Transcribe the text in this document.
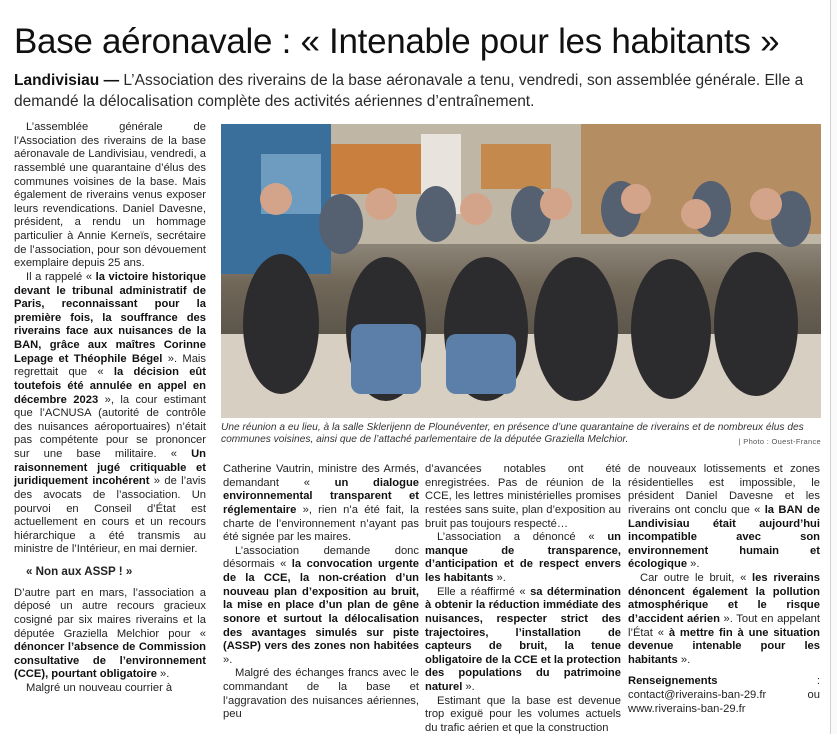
Base aéronavale : « Intenable pour les habitants »
Landivisiau — L’Association des riverains de la base aéronavale a tenu, vendredi, son assemblée générale. Elle a demandé la délocalisation complète des activités aériennes d’entraînement.

L’assemblée générale de l’Association des riverains de la base aéronavale de Landivisiau, vendredi, a rassemblé une quarantaine d’élus des communes voisines de la base. Mais également de riverains venus exposer leurs revendications. Daniel Davesne, président, a rendu un hommage particulier à Annie Kerneïs, secrétaire de l’association, pour son dévouement exemplaire depuis 25 ans.

Il a rappelé « la victoire historique devant le tribunal administratif de Paris, reconnaissant pour la première fois, la souffrance des riverains face aux nuisances de la BAN, grâce aux maîtres Corinne Lepage et Théophile Bégel ». Mais regrettait que « la décision eût toutefois été annulée en appel en décembre 2023 », la cour estimant que l’ACNUSA (autorité de contrôle des nuisances aéroportuaires) n’était pas compétente pour se prononcer sur une base militaire. « Un raisonnement jugé critiquable et juridiquement incohérent » de l’avis des avocats de l’association. Un pourvoi en Conseil d’État est actuellement en cours et un recours hiérarchique a été transmis au ministre de l’Intérieur, en mai dernier.

« Non aux ASSP ! »

D’autre part en mars, l’association a déposé un autre recours gracieux cosigné par six maires riverains et la députée Graziella Melchior pour « dénoncer l’absence de Commission consultative de l’environnement (CCE), pourtant obligatoire ».

Malgré un nouveau courrier à

Une réunion a eu lieu, à la salle Sklerijenn de Plounéventer, en présence d’une quarantaine de riverains et de nombreux élus des communes voisines, ainsi que de l’attaché parlementaire de la députée Graziella Melchior.	| Photo : Ouest-France

Catherine Vautrin, ministre des Armés, demandant « un dialogue environnemental transparent et réglementaire », rien n’a été fait, la charte de l’environnement n’ayant pas été signée par les maires.

L’association demande donc désormais « la convocation urgente de la CCE, la non-création d’un nouveau plan d’exposition au bruit, la mise en place d’un plan de gêne sonore et surtout la délocalisation des avantages simulés sur piste (ASSP) vers des zones non habitées ».

Malgré des échanges francs avec le commandant de la base et l’aggravation des nuisances aériennes, peu

d’avancées notables ont été enregistrées. Pas de réunion de la CCE, les lettres ministérielles promises restées sans suite, plan d’exposition au bruit pas toujours respecté…

L’association a dénoncé « un manque de transparence, d’anticipation et de respect envers les habitants ».

Elle a réaffirmé « sa détermination à obtenir la réduction immédiate des nuisances, respecter strict des trajectoires, l’installation de capteurs de bruit, la tenue obligatoire de la CCE et la protection des populations du patrimoine naturel ».

Estimant que la base est devenue trop exiguë pour les volumes actuels du trafic aérien et que la construction

de nouveaux lotissements et zones résidentielles est impossible, le président Daniel Davesne et les riverains ont conclu que « la BAN de Landivisiau était aujourd’hui incompatible avec son environnement humain et écologique ».

Car outre le bruit, « les riverains dénoncent également la pollution atmosphérique et le risque d’accident aérien ». Tout en appelant l’État « à mettre fin à une situation devenue intenable pour les habitants ».

Renseignements : contact@riverains-ban-29.fr ou www.riverains-ban-29.fr
